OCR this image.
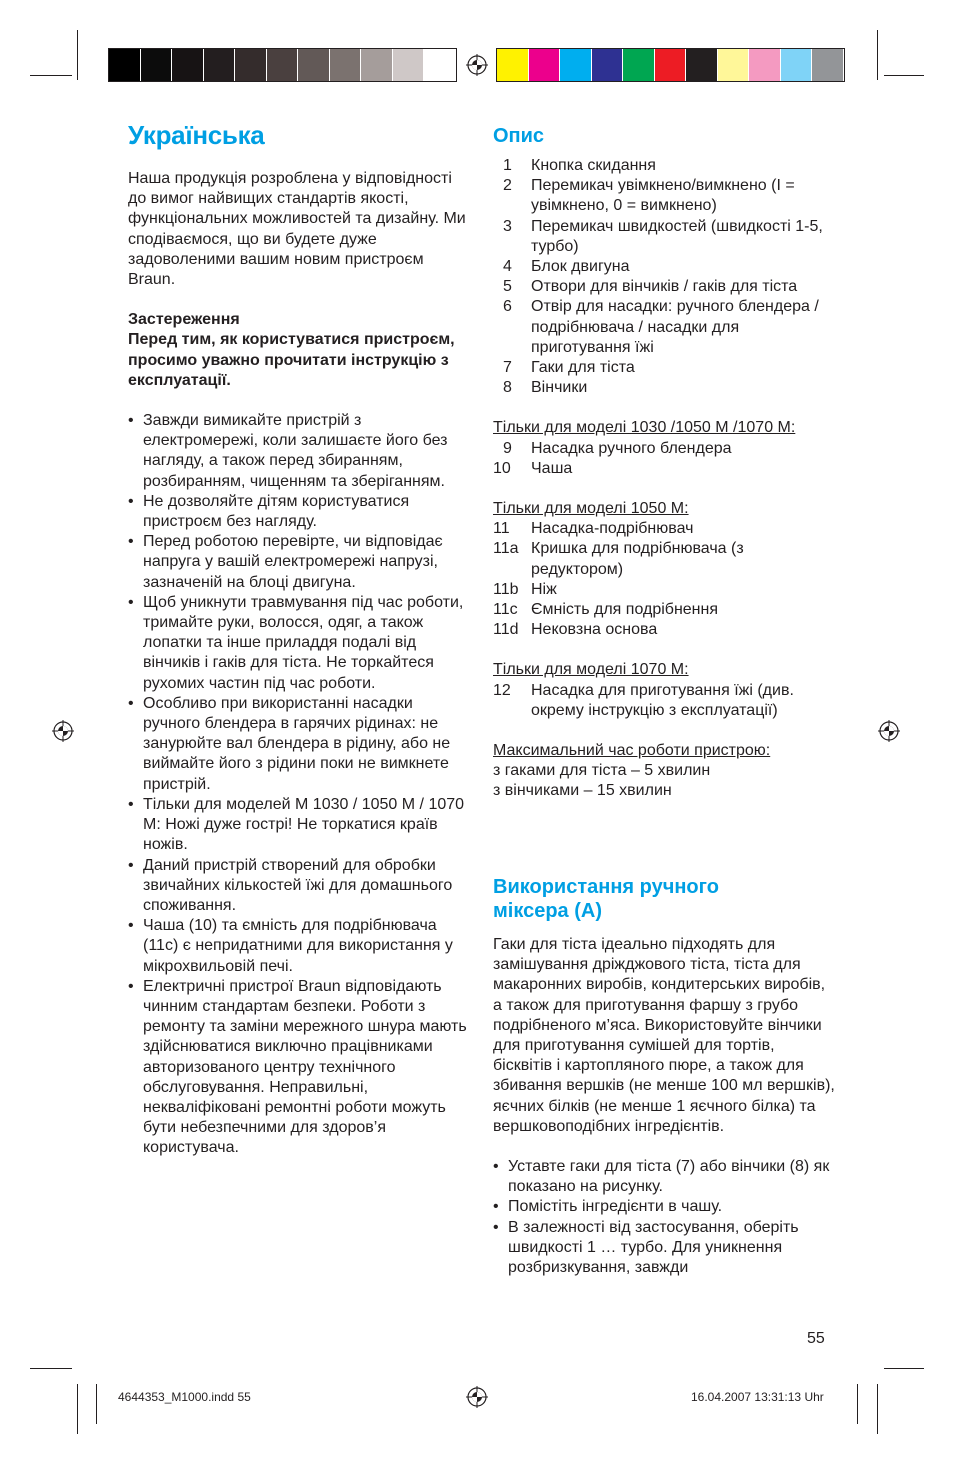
Українська

Наша продукція розроблена у відповідності до вимог найвищих стандартів якості, функціональних можливостей та дизайну. Ми сподіваємося, що ви будете дуже задоволеними вашим новим пристроєм Braun.

Застереження

Перед тим, як користуватися пристроєм, просимо уважно прочитати інструкцію з експлуатації.

• Завжди вимикайте пристрій з електромережі, коли залишаєте його без нагляду, а також перед збиранням, розбиранням, чищенням та зберіганням.
• Не дозволяйте дітям користуватися пристроєм без нагляду.
• Перед роботою перевірте, чи відповідає напруга у вашій електромережі напрузі, зазначеній на блоці двигуна.
• Щоб уникнути травмування під час роботи, тримайте руки, волосся, одяг, а також лопатки та інше приладдя подалі від вінчиків і гаків для тіста. Не торкайтеся рухомих частин під час роботи.
• Особливо при використанні насадки ручного блендера в гарячих рідинах: не занурюйте вал блендера в рідину, або не виймайте його з рідини поки не вимкнете пристрій.
• Тільки для моделей M 1030 / 1050 M / 1070 M: Ножі дуже гострі! Не торкатися країв ножів.
• Даний пристрій створений для обробки звичайних кількостей їжі для домашнього споживання.
• Чаша (10) та ємність для подрібнювача (11c) є непридатними для використання у мікрохвильовій печі.
• Електричні пристрої Braun відповідають чинним стандартам безпеки. Роботи з ремонту та заміни мережного шнура мають здійснюватися виключно працівниками авторизованого центру технічного обслуговування. Неправильні, некваліфіковані ремонтні роботи можуть бути небезпечними для здоров’я користувача.
Опис
1	Кнопка скидання
2	Перемикач увімкнено/вимкнено (I = увімкнено, 0 = вимкнено)
3	Перемикач швидкостей (швидкості 1-5, турбо)
4	Блок двигуна
5	Отвори для вінчиків / гаків для тіста
6	Отвір для насадки: ручного блендера / подрібнювача / насадки для приготування їжі
7	Гаки для тіста
8	Вінчики

Тільки для моделі 1030 /1050 M /1070 M:

9	Насадка ручного блендера
10	Чаша

Тільки для моделі 1050 M:

11	Насадка-подрібнювач
11a Кришка для подрібнювача (з редуктором)
11b Ніж
11c Ємність для подрібнення
11d Нековзна основа

Тільки для моделі 1070 M:

12	Насадка для приготування їжі (див. окрему інструкцію з експлуатації)

Максимальний час роботи пристрою:

з гаками для тіста – 5 хвилин

з вінчиками – 15 хвилин

Використання ручного
міксера (A)

Гаки для тіста ідеально підходять для замішування дріжджового тіста, тіста для макаронних виробів, кондитерських виробів, а також для приготування фаршу з грубо подрібненого м’яса. Використовуйте вінчики для приготування сумішей для тортів, бісквітів і картопляного пюре, а також для збивання вершків (не менше 100 мл вершків), яєчних білків (не менше 1 яєчного білка) та вершковоподібних інгредієнтів.

• Уставте гаки для тіста (7) або вінчики (8) як показано на рисунку.
• Помістіть інгредієнти в чашу.
• В залежності від застосування, оберіть швидкості 1 … турбо. Для уникнення розбризкування, завжди
55
4644353_M1000.indd 55	16.04.2007 13:31:13 Uhr
